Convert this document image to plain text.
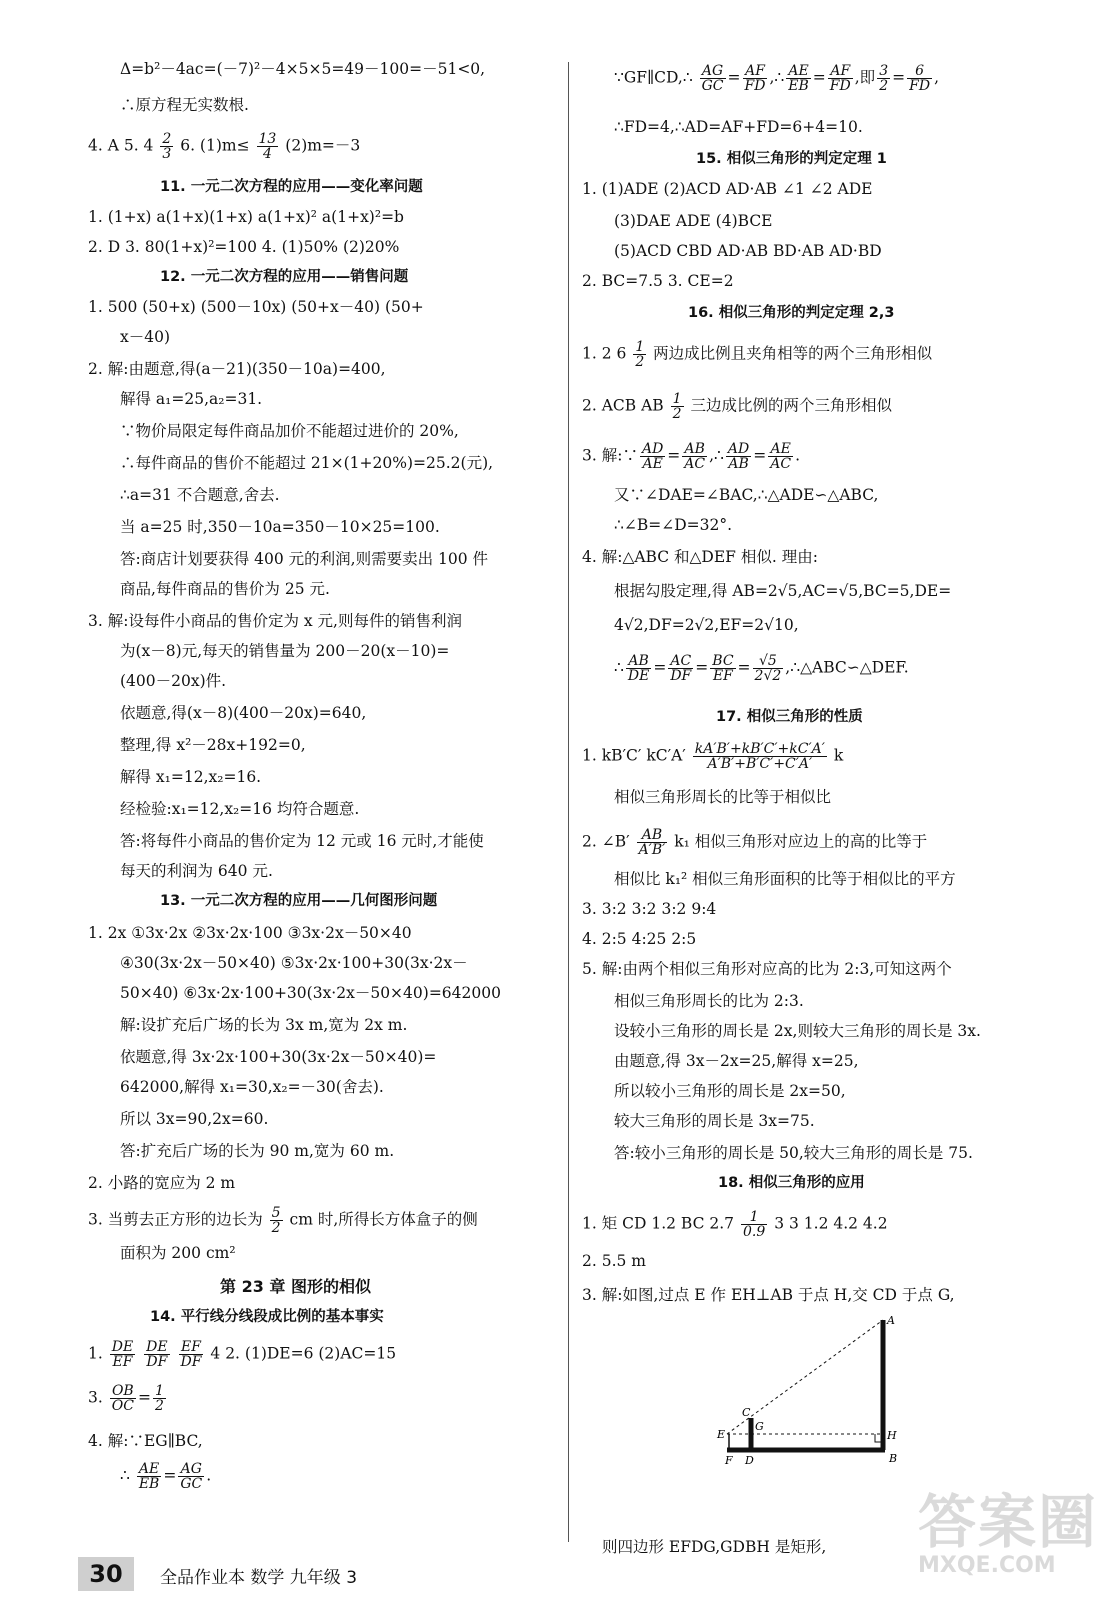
Δ=b²－4ac=(－7)²－4×5×5=49－100=－51<0,
∴原方程无实数根.
4. A 5. $4 \frac{2}{3} 6$. $(1)m\le \frac{13}{4} (2)m=-3$
11. 一元二次方程的应用——变化率问题
1. (1+x) a(1+x)(1+x) a(1+x)² a(1+x)²=b
2. D 3. 80(1+x)²=100 4. (1)50% (2)20%
12. 一元二次方程的应用——销售问题
1. 500 (50+x) (500－10x) (50+x－40) (50+
x－40)
2. 解:由题意,得(a－21)(350－10a)=400,
解得 a₁=25,a₂=31.
∵物价局限定每件商品加价不能超过进价的 20%,
∴每件商品的售价不能超过 21×(1+20%)=25.2(元),
∴a=31 不合题意,舍去.
当 a=25 时,350－10a=350－10×25=100.
答:商店计划要获得 400 元的利润,则需要卖出 100 件
商品,每件商品的售价为 25 元.
3. 解:设每件小商品的售价定为 x 元,则每件的销售利润
为(x－8)元,每天的销售量为 200－20(x－10)=
(400－20x)件.
依题意,得(x－8)(400－20x)=640,
整理,得 x²－28x+192=0,
解得 x₁=12,x₂=16.
经检验:x₁=12,x₂=16 均符合题意.
答:将每件小商品的售价定为 12 元或 16 元时,才能使
每天的利润为 640 元.
13. 一元二次方程的应用——几何图形问题
1. 2x ①3x·2x ②3x·2x·100 ③3x·2x－50×40
④30(3x·2x－50×40) ⑤3x·2x·100+30(3x·2x－
50×40) ⑥3x·2x·100+30(3x·2x－50×40)=642000
解:设扩充后广场的长为 3x m,宽为 2x m.
依题意,得 3x·2x·100+30(3x·2x－50×40)=
642000,解得 x₁=30,x₂=－30(舍去).
所以 3x=90,2x=60.
答:扩充后广场的长为 90 m,宽为 60 m.
2. 小路的宽应为 2 m
3. 当剪去正方形的边长为 $\frac{5}{2}$ cm 时,所得长方体盒子的侧
面积为 200 cm²
第 23 章 图形的相似
14. 平行线分线段成比例的基本事实
1. $\frac{DE}{EF}$
$\frac{DE}{DF}$
$\frac{EF}{DF} 4$ 2. (1)DE=6 (2)AC=15
3. $\frac{OB}{OC} = \frac{1}{2}$
4. 解:∵EG∥BC,
∴ $\frac{AE}{EB} = \frac{AG}{GC}$ .
∵GF∥CD,∴ $\frac{AG}{GC} = \frac{AF}{FD}$ ,∴ $\frac{AE}{EB} = \frac{AF}{FD}$ ,即 $\frac{3}{2} = \frac{6}{FD}$ ,
∴FD=4,∴AD=AF+FD=6+4=10.
15. 相似三角形的判定定理 1
1. (1)ADE (2)ACD AD·AB ∠1 ∠2 ADE
(3)DAE ADE (4)BCE
(5)ACD CBD AD·AB BD·AB AD·BD
2. BC=7.5 3. CE=2
16. 相似三角形的判定定理 2,3
1. 2 $6 \frac{1}{2}$ 两边成比例且夹角相等的两个三角形相似
2. ACB AB $\frac{1}{2}$ 三边成比例的两个三角形相似
3. 解:∵ $\frac{AD}{AE} = \frac{AB}{AC}$ ,∴ $\frac{AD}{AB} = \frac{AE}{AC}$ .
又∵∠DAE=∠BAC,∴△ADE∽△ABC,
∴∠B=∠D=32°.
4. 解:△ABC 和△DEF 相似. 理由:
根据勾股定理,得 AB=2√5,AC=√5,BC=5,DE=
4√2,DF=2√2,EF=2√10,
∴ $\frac{AB}{DE} = \frac{AC}{DF} = \frac{BC}{EF} = \frac{√5}{2√2}$ ,∴△ABC∽△DEF.
17. 相似三角形的性质
1. kB′C′ $kC'A' \frac{kA'B'+kB'C'+kC'A'}{A'B'+B'C'+C'A'}$ k
相似三角形周长的比等于相似比
2. ∠B′ $\frac{AB}{A'B'} k_1$ 相似三角形对应边上的高的比等于
相似比 k₁² 相似三角形面积的比等于相似比的平方
3. 3:2 3:2 3:2 9:4
4. 2:5 4:25 2:5
5. 解:由两个相似三角形对应高的比为 2:3,可知这两个
相似三角形周长的比为 2:3.
设较小三角形的周长是 2x,则较大三角形的周长是 3x.
由题意,得 3x－2x=25,解得 x=25,
所以较小三角形的周长是 2x=50,
较大三角形的周长是 3x=75.
答:较小三角形的周长是 50,较大三角形的周长是 75.
18. 相似三角形的应用
1. 矩 CD 1.2 BC $2.7 \frac{1}{0.9} 3$ 3 1.2 4.2 4.2
2. 5.5 m
3. 解:如图,过点 E 作 EH⊥AB 于点 H,交 CD 于点 G,
则四边形 EFDG,GDBH 是矩形,
A
B
C
D
E
F
G
H
30	全品作业本 数学 九年级 3
答案圈
MXQE.COM
